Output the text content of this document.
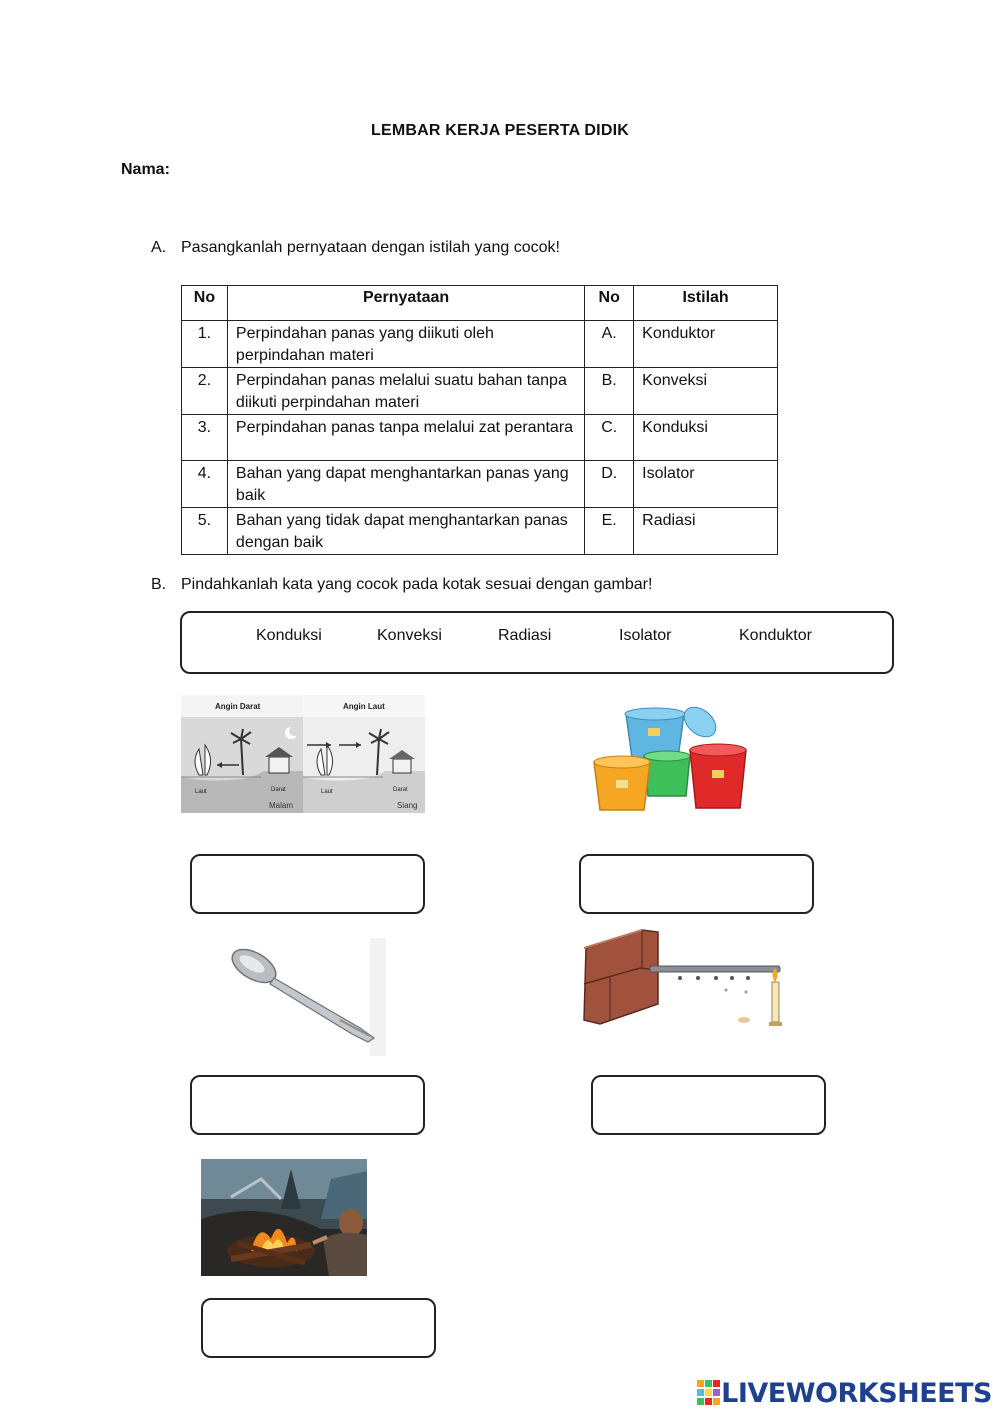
LEMBAR KERJA PESERTA DIDIK
Nama:
A. Pasangkanlah pernyataan dengan istilah yang cocok!
No	Pernyataan	No	Istilah
1.	Perpindahan panas yang diikuti oleh perpindahan materi	A.	Konduktor
2.	Perpindahan panas melalui suatu bahan tanpa diikuti perpindahan materi	B.	Konveksi
3.	Perpindahan panas tanpa melalui zat perantara	C.	Konduksi
4.	Bahan yang dapat menghantarkan panas yang baik	D.	Isolator
5.	Bahan yang tidak dapat menghantarkan panas dengan baik	E.	Radiasi
B. Pindahkanlah kata yang cocok pada kotak sesuai dengan gambar!
Konduksi	Konveksi	Radiasi	Isolator	Konduktor
Angin Darat	Angin Laut
Laut	Darat
Malam
Laut	Darat
Siang
LIVEWORKSHEETS
